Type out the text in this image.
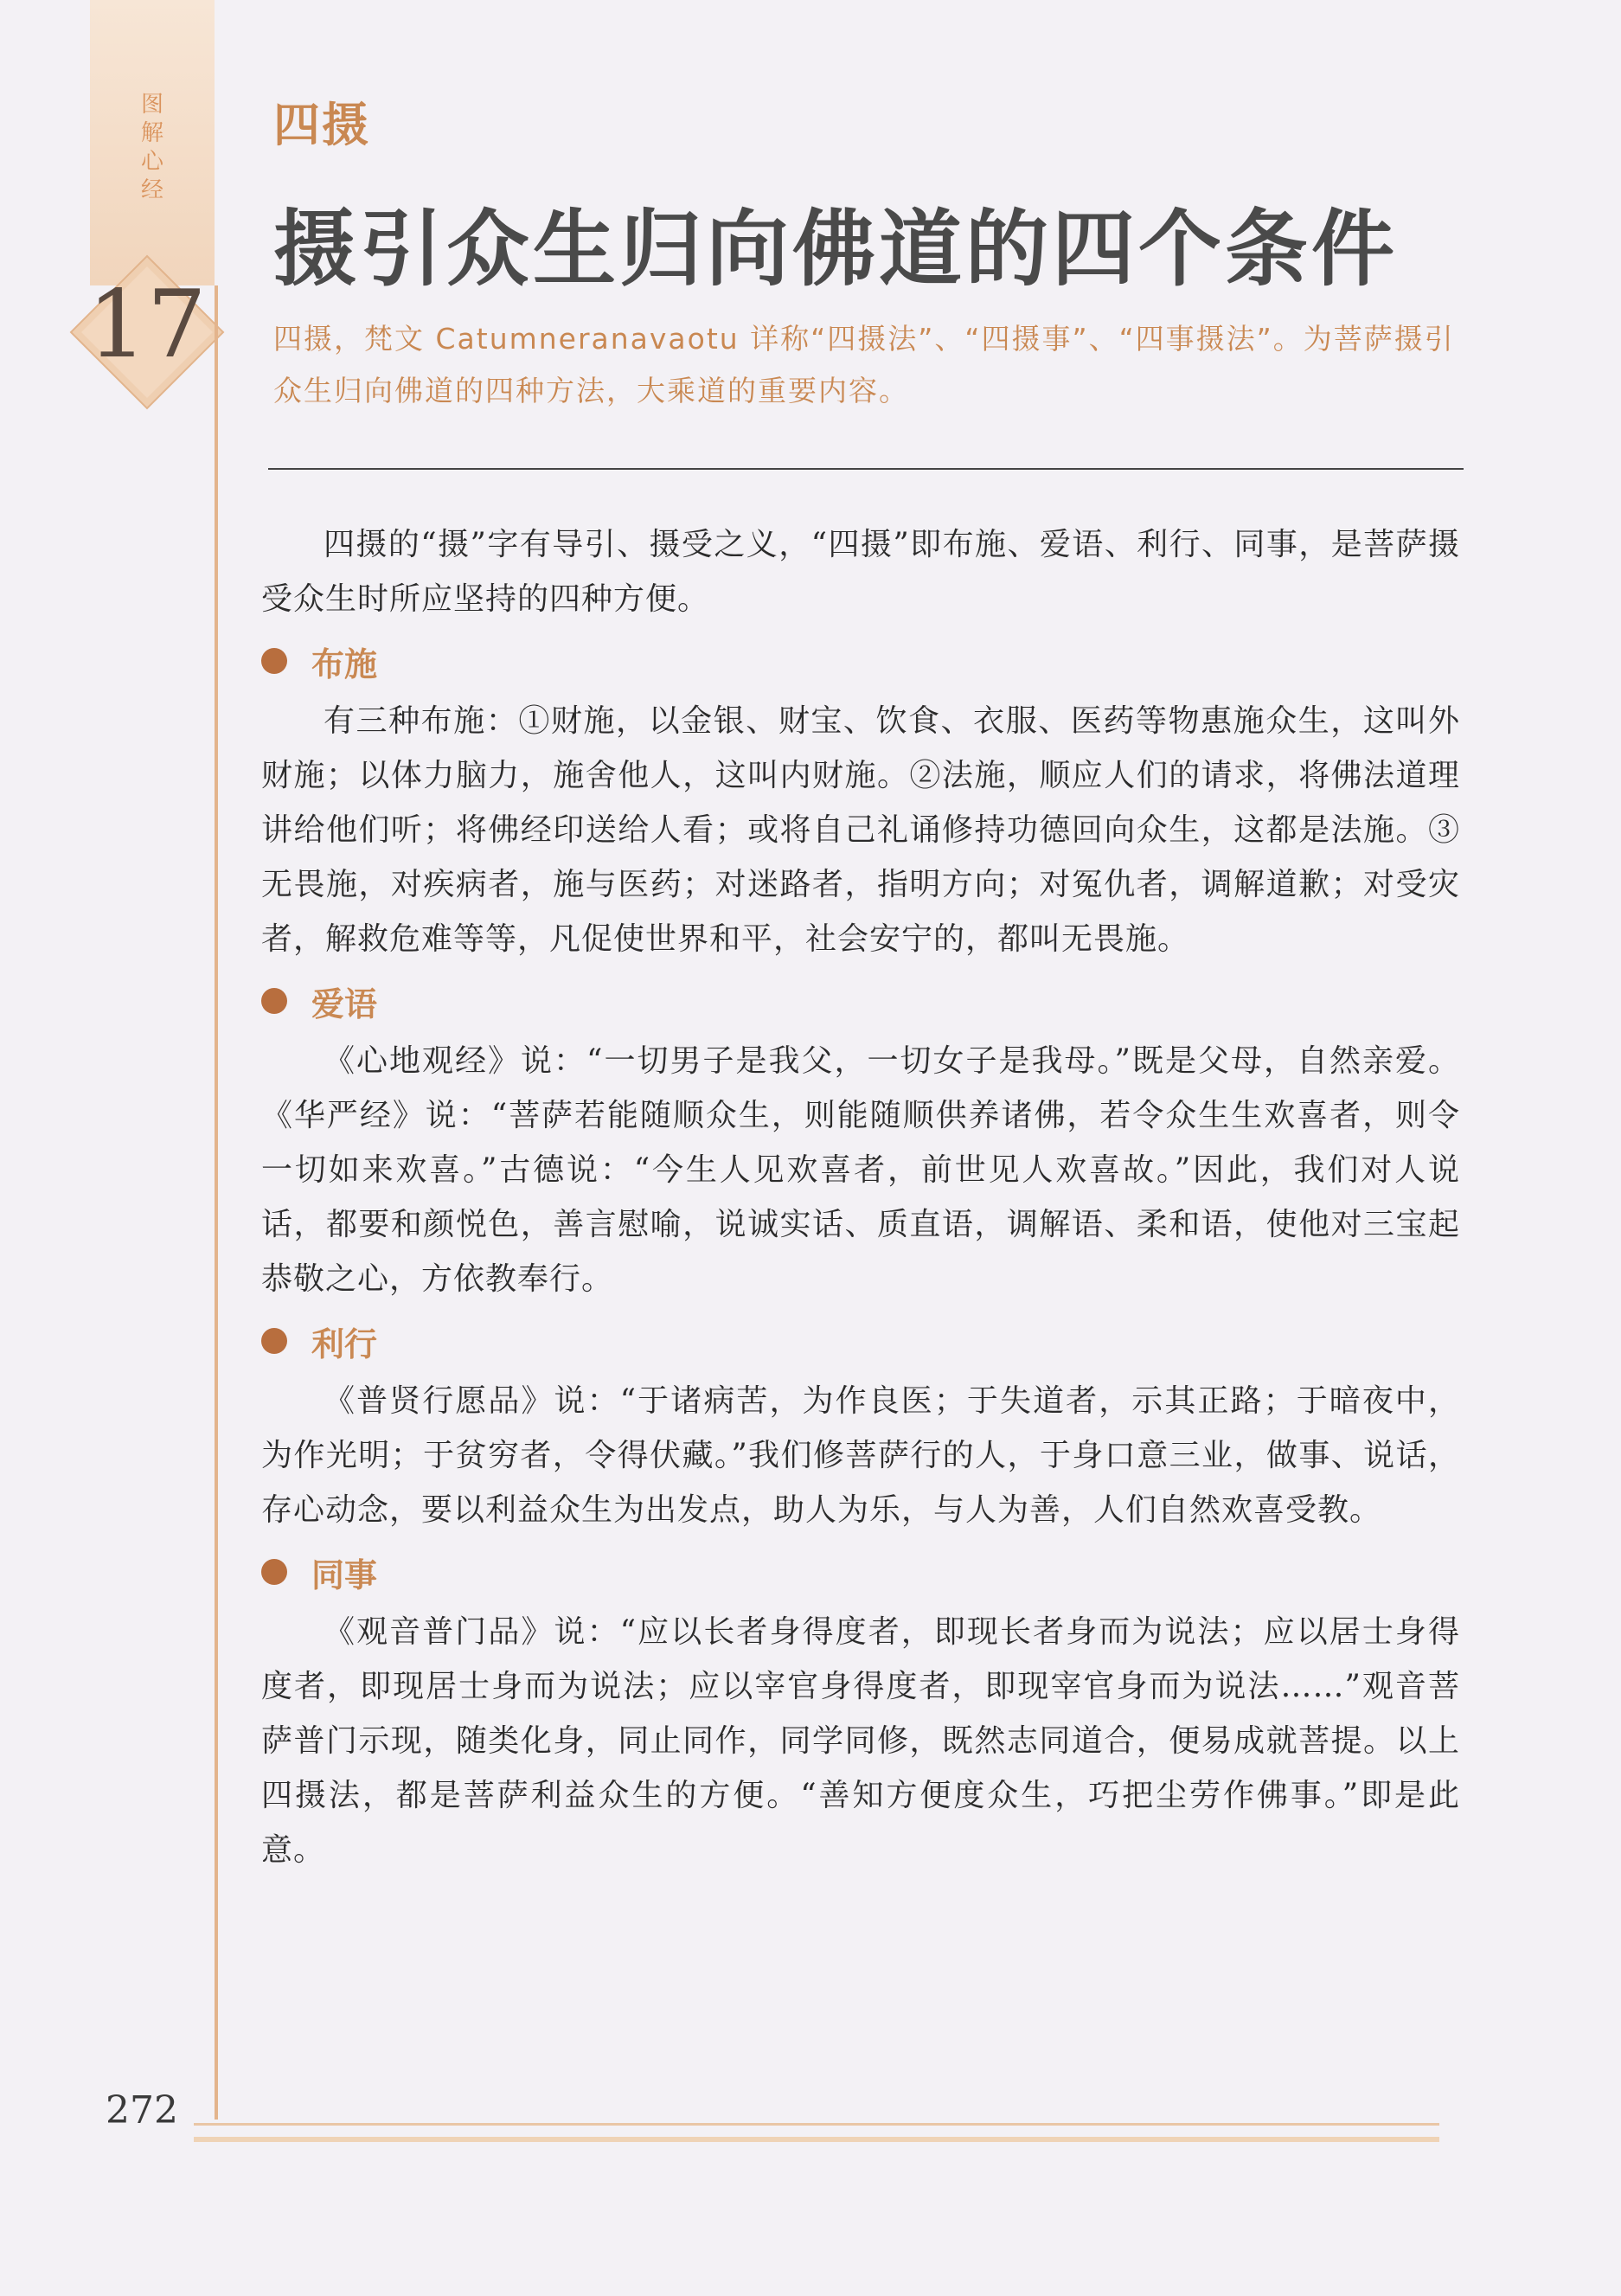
图解心经
17
四摄
摄引众生归向佛道的四个条件
四摄，梵文 Catumneranavaotu 详称“四摄法”、“四摄事”、“四事摄法”。为菩萨摄引众生归向佛道的四种方法，大乘道的重要内容。

四摄的“摄”字有导引、摄受之义，“四摄”即布施、爱语、利行、同事，是菩萨摄受众生时所应坚持的四种方便。

布施

有三种布施：①财施，以金银、财宝、饮食、衣服、医药等物惠施众生，这叫外财施；以体力脑力，施舍他人，这叫内财施。②法施，顺应人们的请求，将佛法道理讲给他们听；将佛经印送给人看；或将自己礼诵修持功德回向众生，这都是法施。③无畏施，对疾病者，施与医药；对迷路者，指明方向；对冤仇者，调解道歉；对受灾者，解救危难等等，凡促使世界和平，社会安宁的，都叫无畏施。

爱语

《心地观经》说：“一切男子是我父，一切女子是我母。”既是父母，自然亲爱。《华严经》说：“菩萨若能随顺众生，则能随顺供养诸佛，若令众生生欢喜者，则令一切如来欢喜。”古德说：“今生人见欢喜者，前世见人欢喜故。”因此，我们对人说话，都要和颜悦色，善言慰喻，说诚实话、质直语，调解语、柔和语，使他对三宝起恭敬之心，方依教奉行。

利行

《普贤行愿品》说：“于诸病苦，为作良医；于失道者，示其正路；于暗夜中，为作光明；于贫穷者，令得伏藏。”我们修菩萨行的人，于身口意三业，做事、说话，存心动念，要以利益众生为出发点，助人为乐，与人为善，人们自然欢喜受教。

同事

《观音普门品》说：“应以长者身得度者，即现长者身而为说法；应以居士身得度者，即现居士身而为说法；应以宰官身得度者，即现宰官身而为说法……”观音菩萨普门示现，随类化身，同止同作，同学同修，既然志同道合，便易成就菩提。以上四摄法，都是菩萨利益众生的方便。“善知方便度众生，巧把尘劳作佛事。”即是此意。

272
